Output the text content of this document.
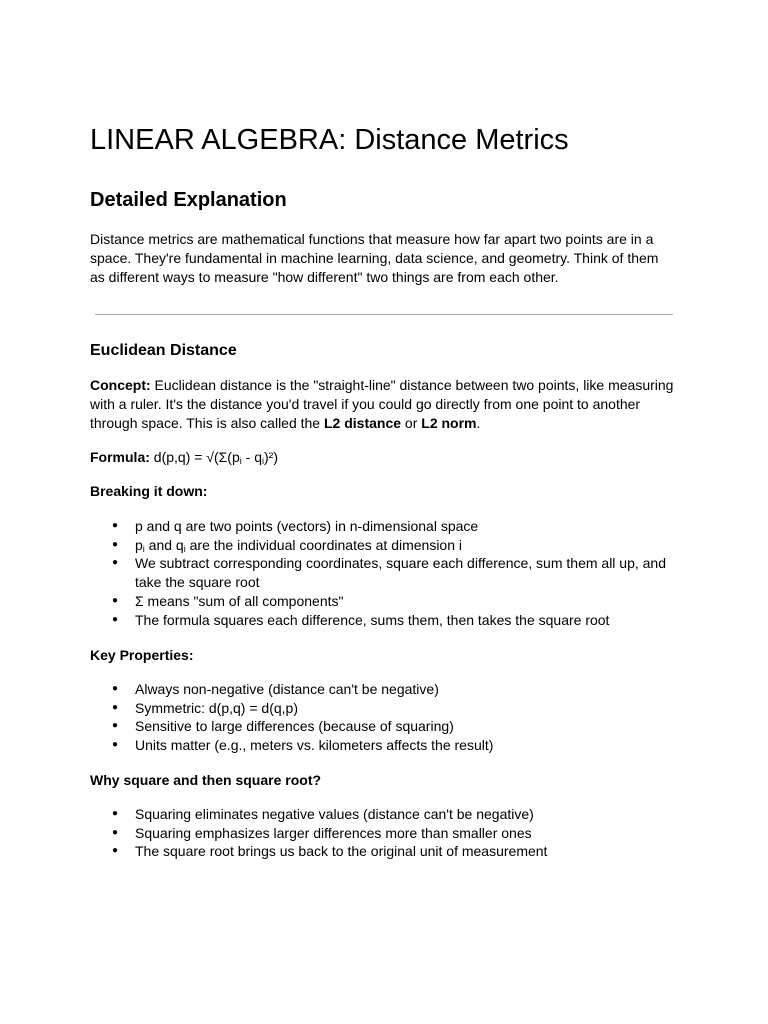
LINEAR ALGEBRA: Distance Metrics
Detailed Explanation

Distance metrics are mathematical functions that measure how far apart two points are in a space. They're fundamental in machine learning, data science, and geometry. Think of them as different ways to measure "how different" two things are from each other.

Euclidean Distance

Concept: Euclidean distance is the "straight-line" distance between two points, like measuring with a ruler. It's the distance you'd travel if you could go directly from one point to another through space. This is also called the L2 distance or L2 norm.

Formula: $d(p,q) = √(\Sigma(p_i - q_i)^2)$

Breaking it down:

● p and q are two points (vectors) in n-dimensional space
● $p_i$ and $q_i$ are the individual coordinates at dimension i
● We subtract corresponding coordinates, square each difference, sum them all up, and take the square root
● Σ means "sum of all components"
● The formula squares each difference, sums them, then takes the square root

Key Properties:

● Always non-negative (distance can't be negative)
● Symmetric: d(p,q) = d(q,p)
● Sensitive to large differences (because of squaring)
● Units matter (e.g., meters vs. kilometers affects the result)

Why square and then square root?

● Squaring eliminates negative values (distance can't be negative)
● Squaring emphasizes larger differences more than smaller ones
● The square root brings us back to the original unit of measurement
